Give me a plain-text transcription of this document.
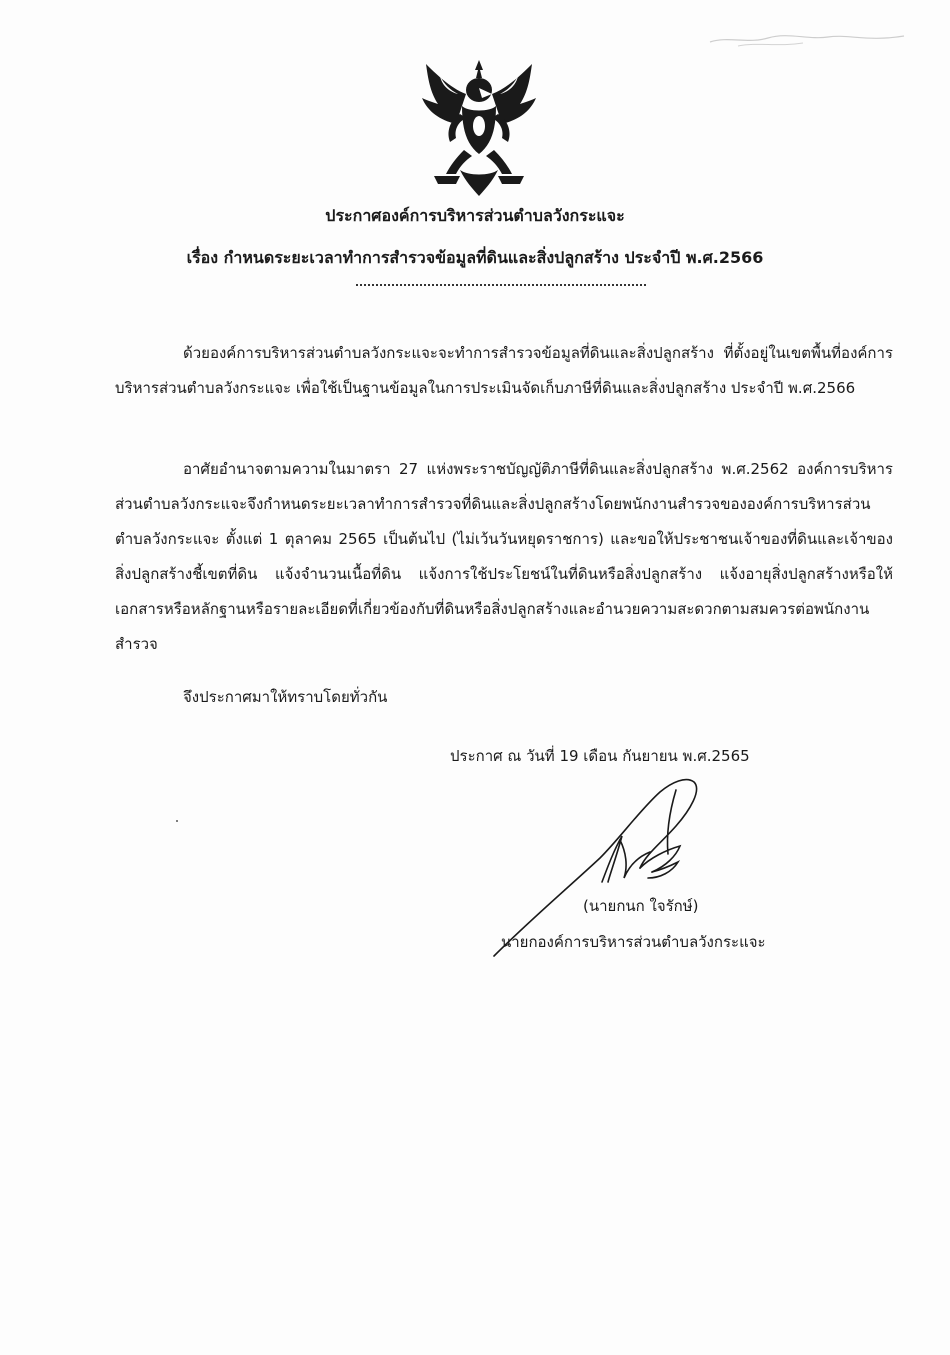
ประกาศองค์การบริหารส่วนตำบลวังกระแจะ
เรื่อง กำหนดระยะเวลาทำการสำรวจข้อมูลที่ดินและสิ่งปลูกสร้าง ประจำปี พ.ศ.2566
ด้วยองค์การบริหารส่วนตำบลวังกระแจะจะทำการสำรวจข้อมูลที่ดินและสิ่งปลูกสร้าง ที่ตั้งอยู่ในเขตพื้นที่องค์การบริหารส่วนตำบลวังกระแจะ เพื่อใช้เป็นฐานข้อมูลในการประเมินจัดเก็บภาษีที่ดินและสิ่งปลูกสร้าง ประจำปี พ.ศ.2566
อาศัยอำนาจตามความในมาตรา 27 แห่งพระราชบัญญัติภาษีที่ดินและสิ่งปลูกสร้าง พ.ศ.2562 องค์การบริหารส่วนตำบลวังกระแจะจึงกำหนดระยะเวลาทำการสำรวจที่ดินและสิ่งปลูกสร้างโดยพนักงานสำรวจขององค์การบริหารส่วนตำบลวังกระแจะ ตั้งแต่ 1 ตุลาคม 2565 เป็นต้นไป (ไม่เว้นวันหยุดราชการ) และขอให้ประชาชนเจ้าของที่ดินและเจ้าของสิ่งปลูกสร้างชี้เขตที่ดิน แจ้งจำนวนเนื้อที่ดิน แจ้งการใช้ประโยชน์ในที่ดินหรือสิ่งปลูกสร้าง แจ้งอายุสิ่งปลูกสร้างหรือให้เอกสารหรือหลักฐานหรือรายละเอียดที่เกี่ยวข้องกับที่ดินหรือสิ่งปลูกสร้างและอำนวยความสะดวกตามสมควรต่อพนักงานสำรวจ
จึงประกาศมาให้ทราบโดยทั่วกัน
ประกาศ ณ วันที่ 19 เดือน กันยายน พ.ศ.2565
(นายกนก ใจรักษ์)
นายกองค์การบริหารส่วนตำบลวังกระแจะ
